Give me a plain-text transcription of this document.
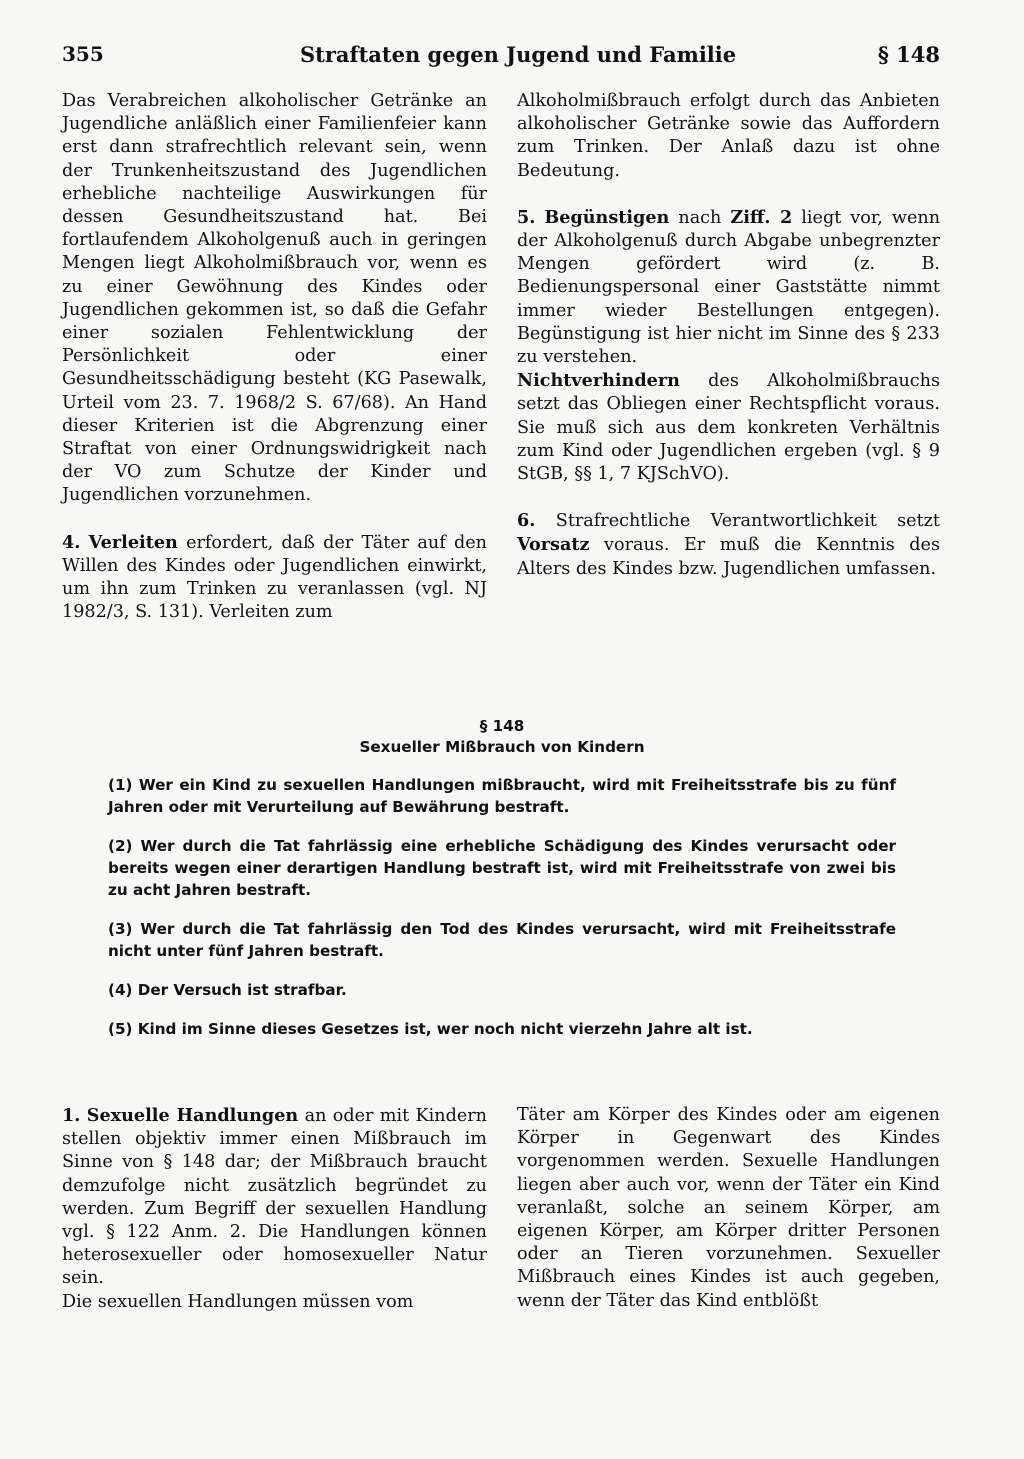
355	Straftaten gegen Jugend und Familie	§ 148

Das Verabreichen alkoholischer Getränke an Jugendliche anläßlich einer Familienfeier kann erst dann strafrechtlich relevant sein, wenn der Trunkenheitszustand des Jugendlichen erhebliche nachteilige Auswirkungen für dessen Gesundheitszustand hat. Bei fortlaufendem Alkoholgenuß auch in geringen Mengen liegt Alkoholmißbrauch vor, wenn es zu einer Gewöhnung des Kindes oder Jugendlichen gekommen ist, so daß die Gefahr einer sozialen Fehlentwicklung der Persönlichkeit oder einer Gesundheitsschädigung besteht (KG Pasewalk, Urteil vom 23. 7. 1968/2 S. 67/68). An Hand dieser Kriterien ist die Abgrenzung einer Straftat von einer Ordnungswidrigkeit nach der VO zum Schutze der Kinder und Jugendlichen vorzunehmen.

4. Verleiten erfordert, daß der Täter auf den Willen des Kindes oder Jugendlichen einwirkt, um ihn zum Trinken zu veranlassen (vgl. NJ 1982/3, S. 131). Verleiten zum

Alkoholmißbrauch erfolgt durch das Anbieten alkoholischer Getränke sowie das Auffordern zum Trinken. Der Anlaß dazu ist ohne Bedeutung.

5. Begünstigen nach Ziff. 2 liegt vor, wenn der Alkoholgenuß durch Abgabe unbegrenzter Mengen gefördert wird (z. B. Bedienungspersonal einer Gaststätte nimmt immer wieder Bestellungen entgegen). Begünstigung ist hier nicht im Sinne des § 233 zu verstehen.

Nichtverhindern des Alkoholmißbrauchs setzt das Obliegen einer Rechtspflicht voraus. Sie muß sich aus dem konkreten Verhältnis zum Kind oder Jugendlichen ergeben (vgl. § 9 StGB, §§ 1, 7 KJSchVO).

6. Strafrechtliche Verantwortlichkeit setzt Vorsatz voraus. Er muß die Kenntnis des Alters des Kindes bzw. Jugendlichen umfassen.

§ 148

Sexueller Mißbrauch von Kindern

(1) Wer ein Kind zu sexuellen Handlungen mißbraucht, wird mit Freiheitsstrafe bis zu fünf Jahren oder mit Verurteilung auf Bewährung bestraft.

(2) Wer durch die Tat fahrlässig eine erhebliche Schädigung des Kindes verursacht oder bereits wegen einer derartigen Handlung bestraft ist, wird mit Freiheitsstrafe von zwei bis zu acht Jahren bestraft.

(3) Wer durch die Tat fahrlässig den Tod des Kindes verursacht, wird mit Freiheitsstrafe nicht unter fünf Jahren bestraft.

(4) Der Versuch ist strafbar.

(5) Kind im Sinne dieses Gesetzes ist, wer noch nicht vierzehn Jahre alt ist.

1. Sexuelle Handlungen an oder mit Kindern stellen objektiv immer einen Mißbrauch im Sinne von § 148 dar; der Mißbrauch braucht demzufolge nicht zusätzlich begründet zu werden. Zum Begriff der sexuellen Handlung vgl. § 122 Anm. 2. Die Handlungen können heterosexueller oder homosexueller Natur sein.

Die sexuellen Handlungen müssen vom

Täter am Körper des Kindes oder am eigenen Körper in Gegenwart des Kindes vorgenommen werden. Sexuelle Handlungen liegen aber auch vor, wenn der Täter ein Kind veranlaßt, solche an seinem Körper, am eigenen Körper, am Körper dritter Personen oder an Tieren vorzunehmen. Sexueller Mißbrauch eines Kindes ist auch gegeben, wenn der Täter das Kind entblößt
